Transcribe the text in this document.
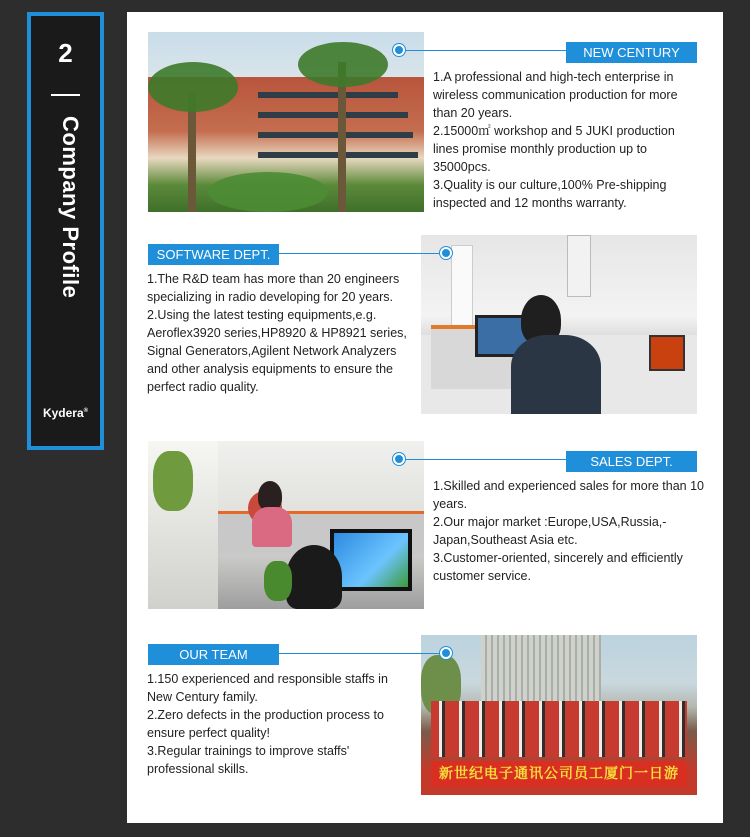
2
Company Profile
Kydera®
NEW CENTURY

1.A professional and high-tech enterprise in wireless communication production for more than 20 years.

2.15000㎡ workshop and 5 JUKI production lines promise monthly production up to 35000pcs.

3.Quality is our culture,100% Pre-shipping inspected and 12 months warranty.

SOFTWARE DEPT.

1.The R&D team has more than 20 engineers specializing in radio developing for 20 years.

2.Using the latest testing equipments,e.g. Aeroflex3920 series,HP8920 & HP8921 series, Signal Generators,Agilent Network Analyzers and other analysis equipments to ensure the perfect radio quality.

SALES DEPT.

1.Skilled and experienced sales for more than 10 years.

2.Our major market :Europe,USA,Russia,-Japan,Southeast Asia etc.

3.Customer-oriented, sincerely and efficiently customer service.

新世纪电子通讯公司员工厦门一日游
OUR TEAM

1.150 experienced and responsible staffs in New Century family.

2.Zero defects in the production process to ensure perfect quality!

3.Regular trainings to improve staffs' professional skills.
